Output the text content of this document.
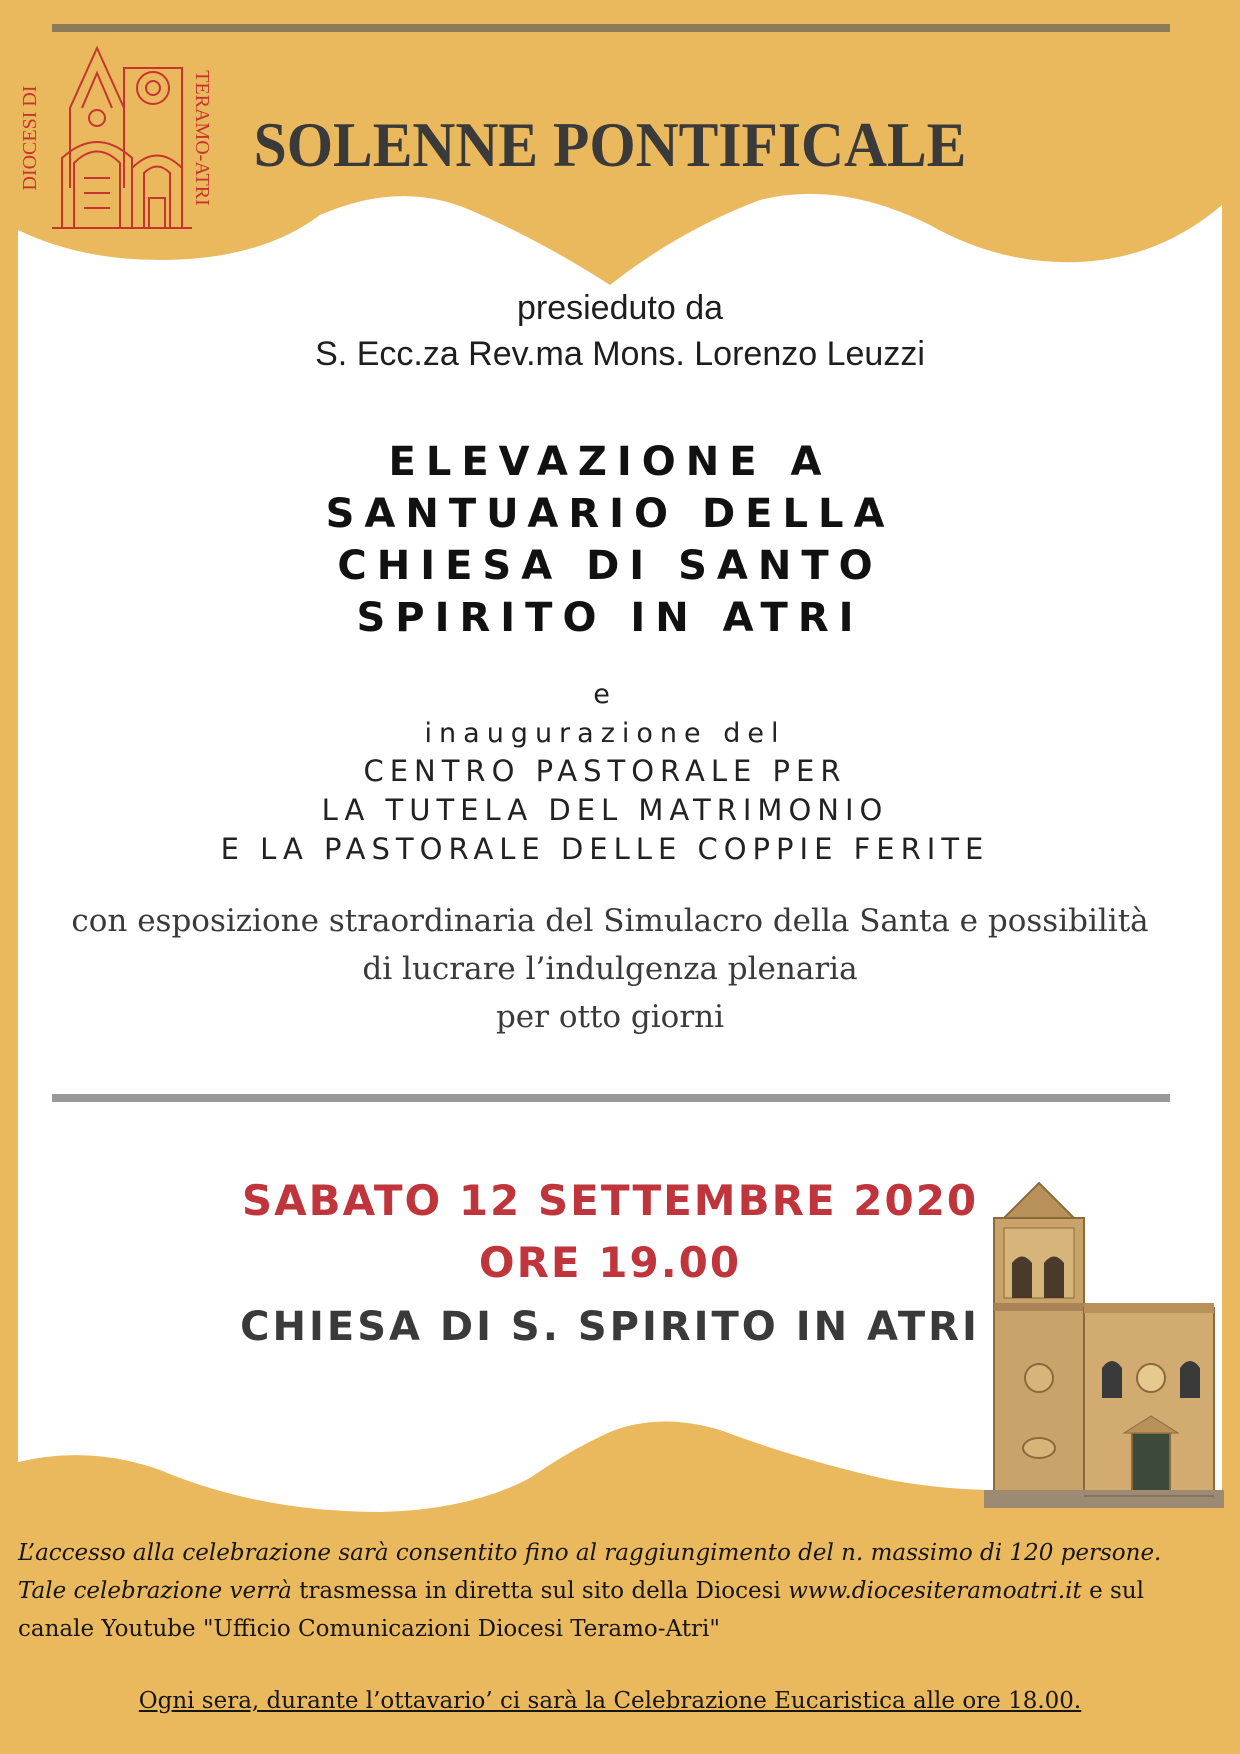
DIOCESI DI	TERAMO-ATRI SOLENNE PONTIFICALE
presieduto da
S. Ecc.za Rev.ma Mons. Lorenzo Leuzzi
ELEVAZIONE A
SANTUARIO DELLA
CHIESA DI SANTO
SPIRITO IN ATRI
e
inaugurazione del
CENTRO PASTORALE PER
LA TUTELA DEL MATRIMONIO
E LA PASTORALE DELLE COPPIE FERITE
con esposizione straordinaria del Simulacro della Santa e possibilità
di lucrare l’indulgenza plenaria
per otto giorni
SABATO 12 SETTEMBRE 2020
ORE 19.00
CHIESA DI S. SPIRITO IN ATRI
L’accesso alla celebrazione sarà consentito fino al raggiungimento del n. massimo di 120 persone.
Tale celebrazione verrà trasmessa in diretta sul sito della Diocesi www.diocesiteramoatri.it e sul
canale Youtube "Ufficio Comunicazioni Diocesi Teramo-Atri"
Ogni sera, durante l’ottavario’ ci sarà la Celebrazione Eucaristica alle ore 18.00.
